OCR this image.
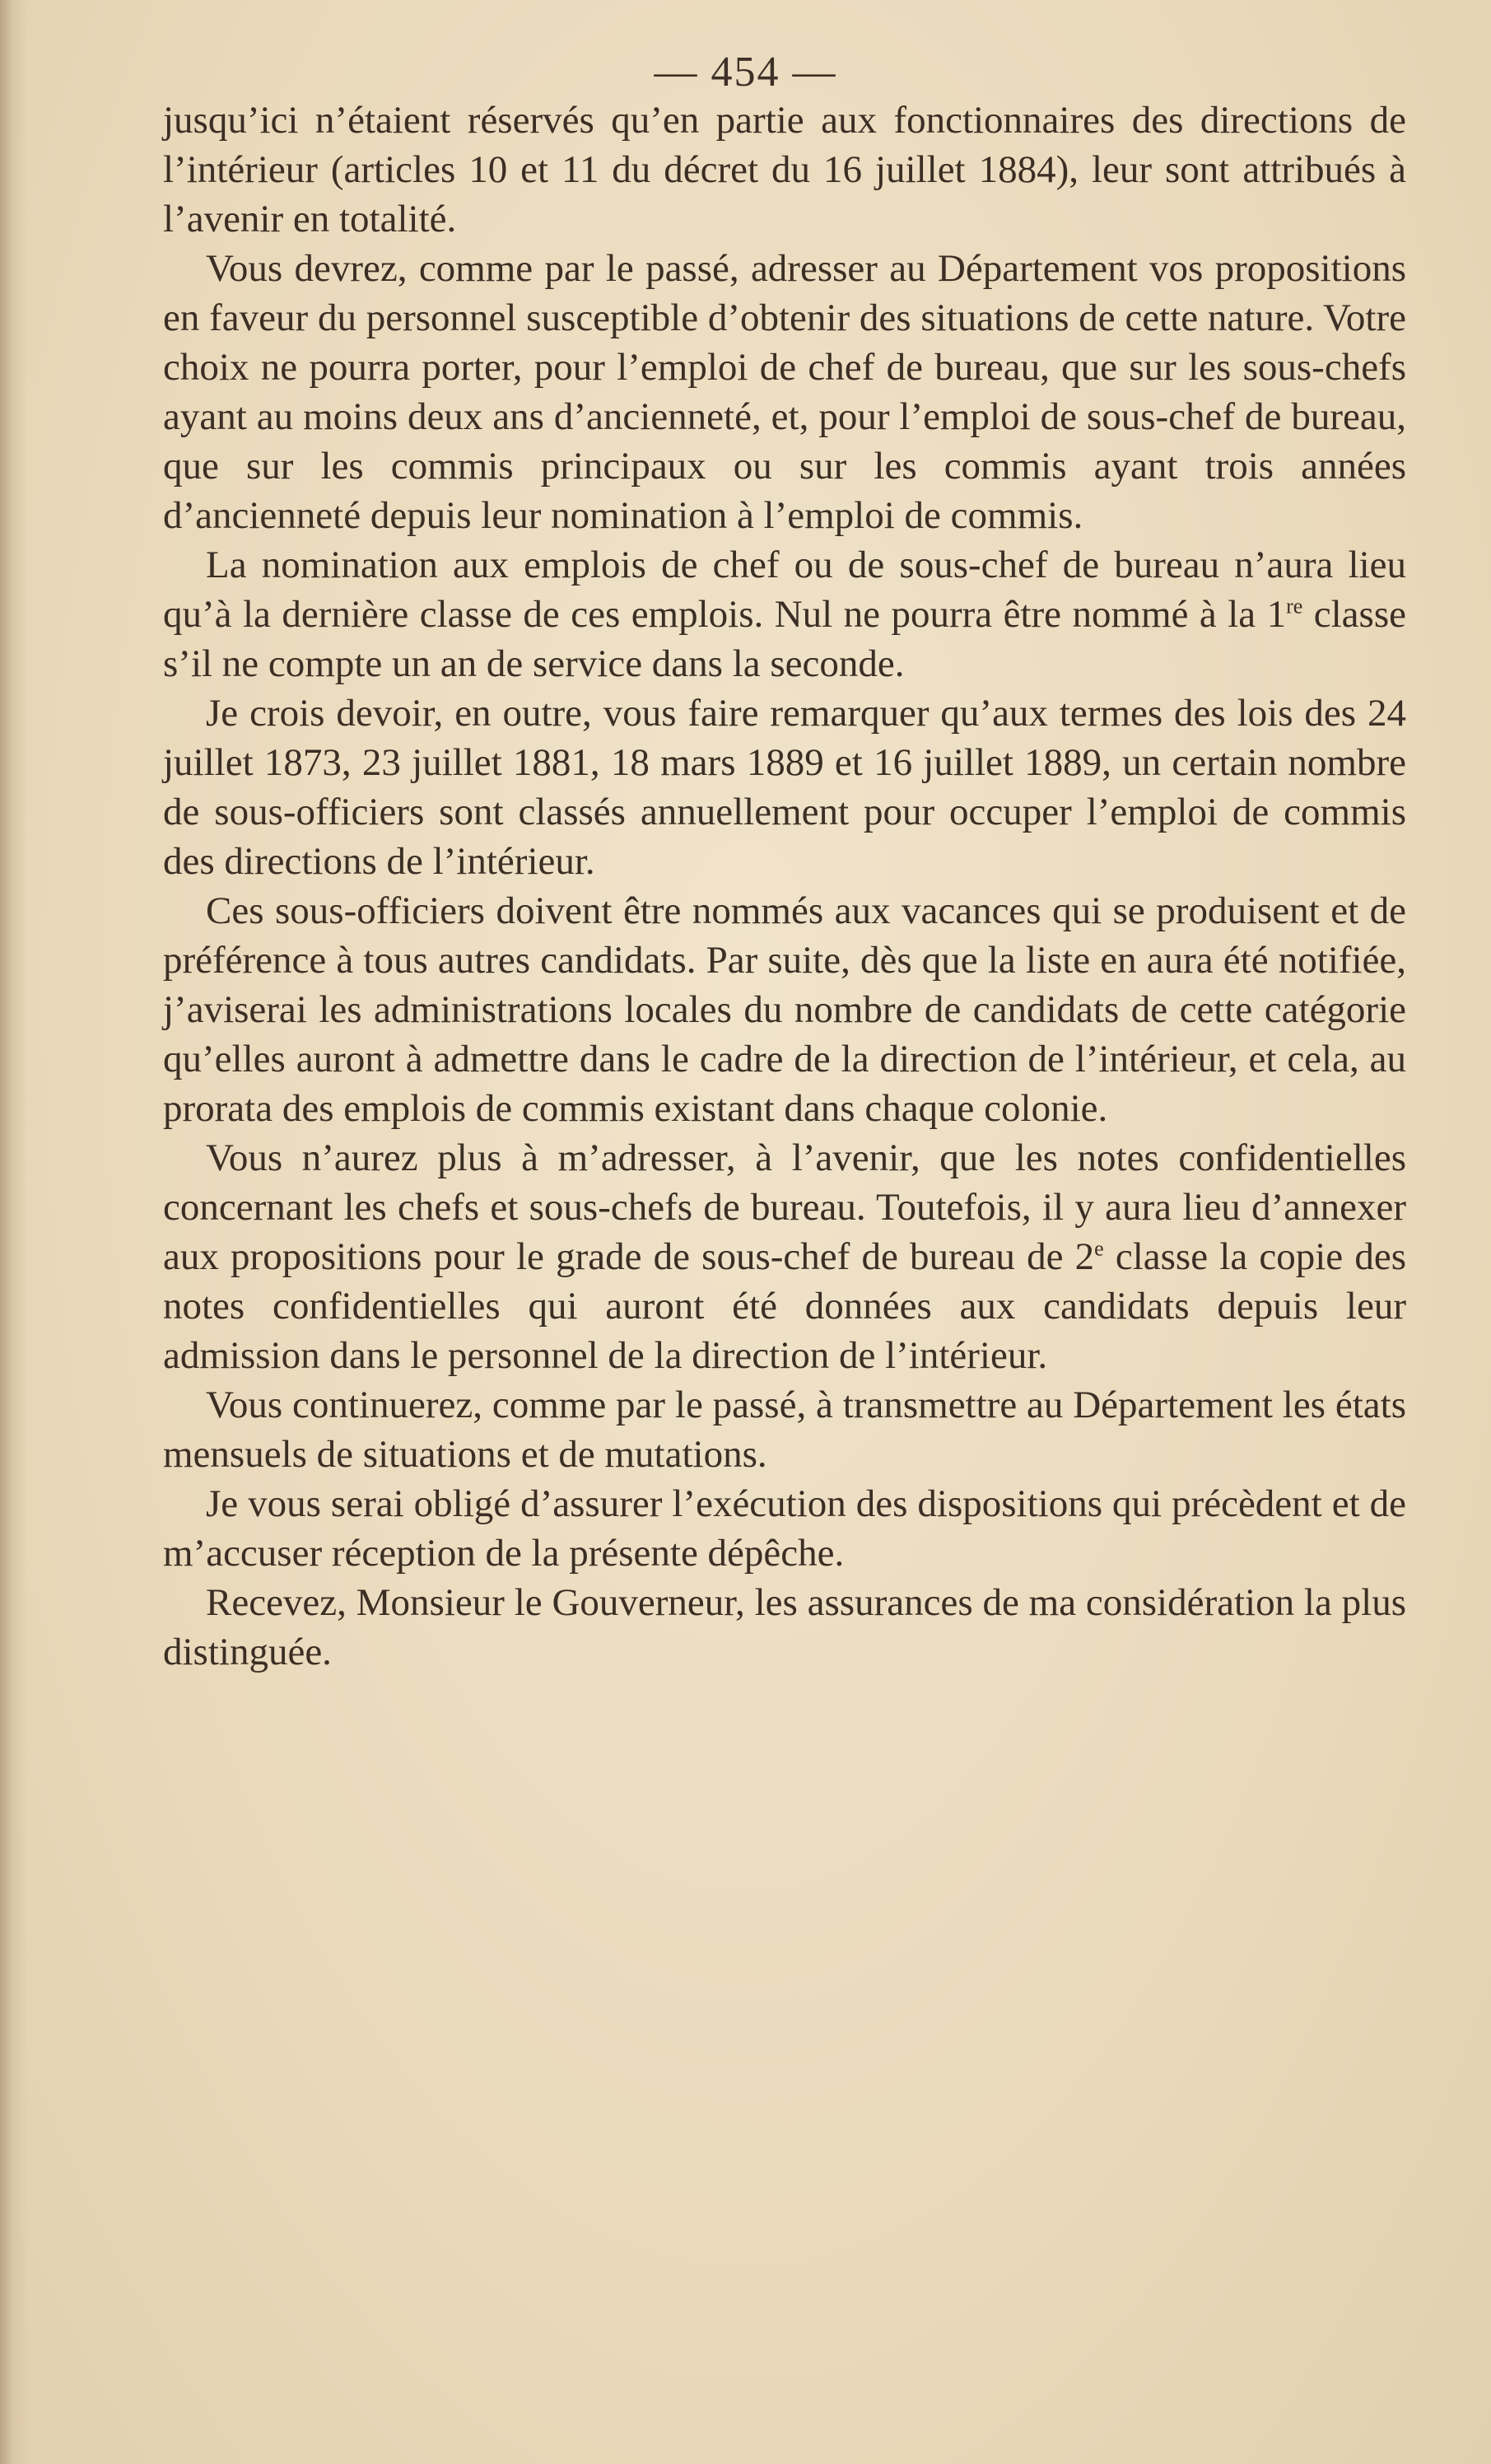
— 454 —

jusqu’ici n’étaient réservés qu’en partie aux fonctionnaires des directions de l’intérieur (articles 10 et 11 du décret du 16 juillet 1884), leur sont attribués à l’avenir en totalité.

Vous devrez, comme par le passé, adresser au Département vos propositions en faveur du personnel susceptible d’obtenir des situations de cette nature. Votre choix ne pourra porter, pour l’emploi de chef de bureau, que sur les sous-chefs ayant au moins deux ans d’ancienneté, et, pour l’emploi de sous-chef de bureau, que sur les commis principaux ou sur les commis ayant trois années d’ancienneté depuis leur nomination à l’emploi de commis.

La nomination aux emplois de chef ou de sous-chef de bureau n’aura lieu qu’à la dernière classe de ces emplois. Nul ne pourra être nommé à la 1re classe s’il ne compte un an de service dans la seconde.

Je crois devoir, en outre, vous faire remarquer qu’aux termes des lois des 24 juillet 1873, 23 juillet 1881, 18 mars 1889 et 16 juillet 1889, un certain nombre de sous-officiers sont classés annuellement pour occuper l’emploi de commis des directions de l’intérieur.

Ces sous-officiers doivent être nommés aux vacances qui se produisent et de préférence à tous autres candidats. Par suite, dès que la liste en aura été notifiée, j’aviserai les administrations locales du nombre de candidats de cette catégorie qu’elles auront à admettre dans le cadre de la direction de l’intérieur, et cela, au prorata des emplois de commis existant dans chaque colonie.

Vous n’aurez plus à m’adresser, à l’avenir, que les notes confidentielles concernant les chefs et sous-chefs de bureau. Toutefois, il y aura lieu d’annexer aux propositions pour le grade de sous-chef de bureau de 2e classe la copie des notes confidentielles qui auront été données aux candidats depuis leur admission dans le personnel de la direction de l’intérieur.

Vous continuerez, comme par le passé, à transmettre au Département les états mensuels de situations et de mutations.

Je vous serai obligé d’assurer l’exécution des dispositions qui précèdent et de m’accuser réception de la présente dépêche.

Recevez, Monsieur le Gouverneur, les assurances de ma considération la plus distinguée.
